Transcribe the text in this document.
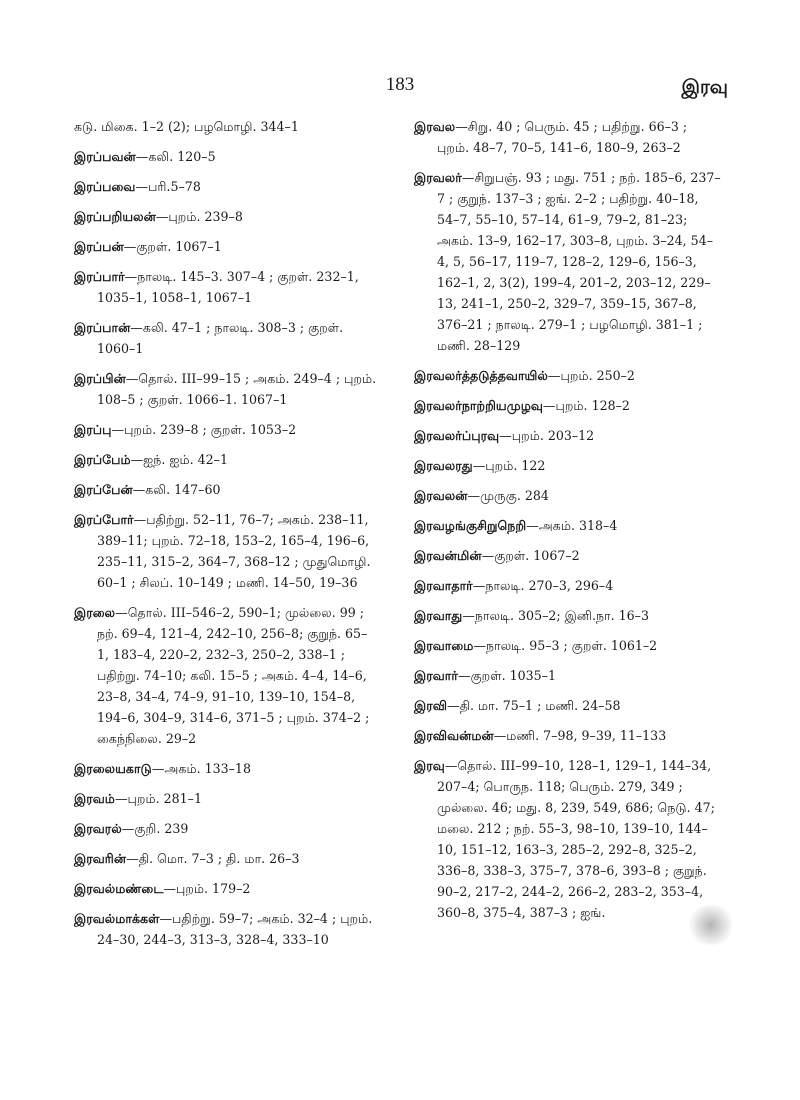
183	இரவு
கடு. மிகை. 1–2 (2); பழமொழி. 344–1
இரப்பவன்—கலி. 120–5
இரப்பவை—பரி.5–78
இரப்பறியலன்—புறம். 239–8
இரப்பன்—குறள். 1067–1
இரப்பார்—நாலடி. 145–3. 307–4 ; குறள். 232–1, 1035–1, 1058–1, 1067–1
இரப்பான்—கலி. 47–1 ; நாலடி. 308–3 ; குறள். 1060–1
இரப்பின்—தொல். III–99–15 ; அகம். 249–4 ; புறம். 108–5 ; குறள். 1066–1. 1067–1
இரப்பு—புறம். 239–8 ; குறள். 1053–2
இரப்பேம்—ஐந். ஐம். 42–1
இரப்பேன்—கலி. 147–60
இரப்போர்—பதிற்று. 52–11, 76–7; அகம். 238–11, 389–11; புறம். 72–18, 153–2, 165–4, 196–6, 235–11, 315–2, 364–7, 368–12 ; முதுமொழி. 60–1 ; சிலப். 10–149 ; மணி. 14–50, 19–36
இரலை—தொல். III–546–2, 590–1; முல்லை. 99 ; நற். 69–4, 121–4, 242–10, 256–8; குறுந். 65–1, 183–4, 220–2, 232–3, 250–2, 338–1 ; பதிற்று. 74–10; கலி. 15–5 ; அகம். 4–4, 14–6, 23–8, 34–4, 74–9, 91–10, 139–10, 154–8, 194–6, 304–9, 314–6, 371–5 ; புறம். 374–2 ; கைந்நிலை. 29–2
இரலையகாடு—அகம். 133–18
இரவம்—புறம். 281–1
இரவரல்—குறி. 239
இரவரின்—தி. மொ. 7–3 ; தி. மா. 26–3
இரவல்மண்டை—புறம். 179–2
இரவல்மாக்கள்—பதிற்று. 59–7; அகம். 32–4 ; புறம். 24–30, 244–3, 313–3, 328–4, 333–10
இரவல—சிறு. 40 ; பெரும். 45 ; பதிற்று. 66–3 ; புறம். 48–7, 70–5, 141–6, 180–9, 263–2
இரவலர்—சிறுபஞ். 93 ; மது. 751 ; நற். 185–6, 237–7 ; குறுந். 137–3 ; ஐங். 2–2 ; பதிற்று. 40–18, 54–7, 55–10, 57–14, 61–9, 79–2, 81–23; அகம். 13–9, 162–17, 303–8, புறம். 3–24, 54–4, 5, 56–17, 119–7, 128–2, 129–6, 156–3, 162–1, 2, 3(2), 199–4, 201–2, 203–12, 229–13, 241–1, 250–2, 329–7, 359–15, 367–8, 376–21 ; நாலடி. 279–1 ; பழமொழி. 381–1 ; மணி. 28–129
இரவலர்த்தடுத்தவாயில்—புறம். 250–2
இரவலர்நாற்றியமுழவு—புறம். 128–2
இரவலர்ப்புரவு—புறம். 203–12
இரவலரது—புறம். 122
இரவலன்—முருகு. 284
இரவழங்குசிறுநெறி—அகம். 318–4
இரவன்மின்—குறள். 1067–2
இரவாதார்—நாலடி. 270–3, 296–4
இரவாது—நாலடி. 305–2; இனி.நா. 16–3
இரவாமை—நாலடி. 95–3 ; குறள். 1061–2
இரவார்—குறள். 1035–1
இரவி—தி. மா. 75–1 ; மணி. 24–58
இரவிவன்மன்—மணி. 7–98, 9–39, 11–133
இரவு—தொல். III–99–10, 128–1, 129–1, 144–34, 207–4; பொருந. 118; பெரும். 279, 349 ; முல்லை. 46; மது. 8, 239, 549, 686; நெடு. 47; மலை. 212 ; நற். 55–3, 98–10, 139–10, 144–10, 151–12, 163–3, 285–2, 292–8, 325–2, 336–8, 338–3, 375–7, 378–6, 393–8 ; குறுந். 90–2, 217–2, 244–2, 266–2, 283–2, 353–4, 360–8, 375–4, 387–3 ; ஐங்.
